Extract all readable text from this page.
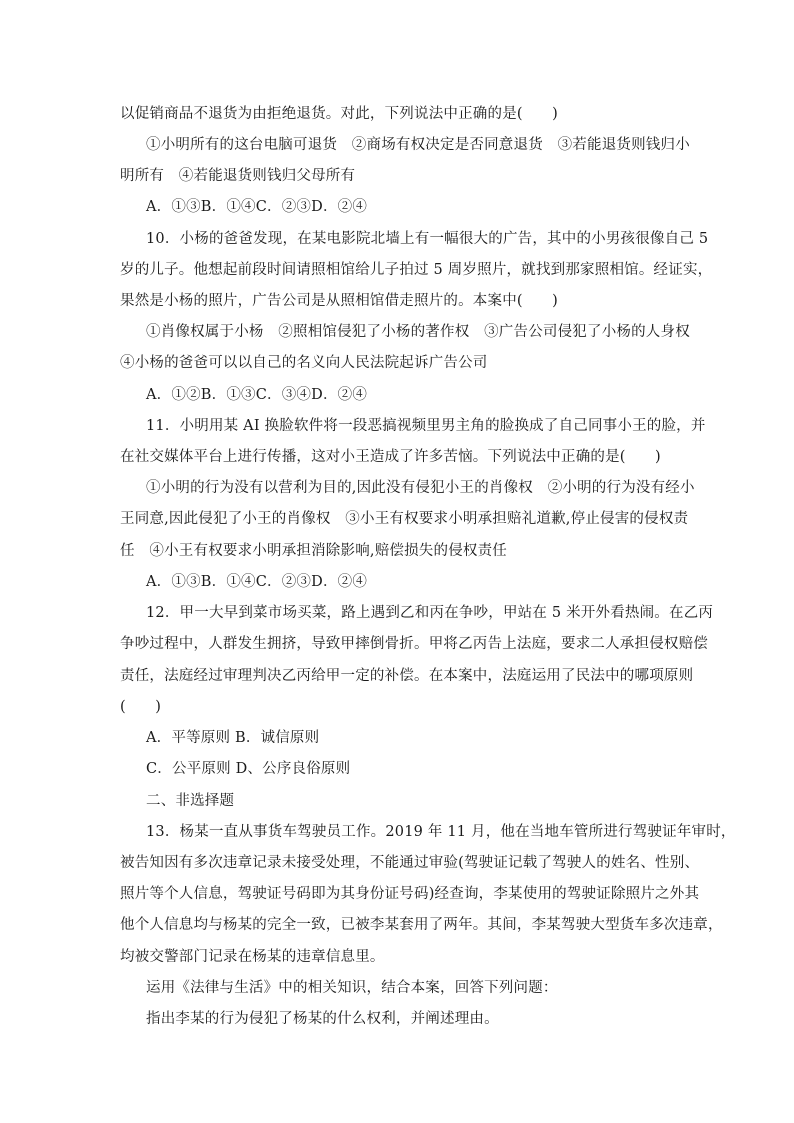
以促销商品不退货为由拒绝退货。对此，下列说法中正确的是(　　)
①小明所有的这台电脑可退货　②商场有权决定是否同意退货　③若能退货则钱归小
明所有　④若能退货则钱归父母所有
A．①③B．①④C．②③D．②④
10．小杨的爸爸发现，在某电影院北墙上有一幅很大的广告，其中的小男孩很像自己 5
岁的儿子。他想起前段时间请照相馆给儿子拍过 5 周岁照片，就找到那家照相馆。经证实，
果然是小杨的照片，广告公司是从照相馆借走照片的。本案中(　　)
①肖像权属于小杨　②照相馆侵犯了小杨的著作权　③广告公司侵犯了小杨的人身权
④小杨的爸爸可以以自己的名义向人民法院起诉广告公司
A．①②B．①③C．③④D．②④
11．小明用某 AI 换脸软件将一段恶搞视频里男主角的脸换成了自己同事小王的脸，并
在社交媒体平台上进行传播，这对小王造成了许多苦恼。下列说法中正确的是(　　)
①小明的行为没有以营利为目的,因此没有侵犯小王的肖像权　②小明的行为没有经小
王同意,因此侵犯了小王的肖像权　③小王有权要求小明承担赔礼道歉,停止侵害的侵权责
任　④小王有权要求小明承担消除影响,赔偿损失的侵权责任
A．①③B．①④C．②③D．②④
12．甲一大早到菜市场买菜，路上遇到乙和丙在争吵，甲站在 5 米开外看热闹。在乙丙
争吵过程中，人群发生拥挤，导致甲摔倒骨折。甲将乙丙告上法庭，要求二人承担侵权赔偿
责任，法庭经过审理判决乙丙给甲一定的补偿。在本案中，法庭运用了民法中的哪项原则
(　　)
A．平等原则 B．诚信原则
C．公平原则 D、公序良俗原则
二、非选择题
13．杨某一直从事货车驾驶员工作。2019 年 11 月，他在当地车管所进行驾驶证年审时，
被告知因有多次违章记录未接受处理，不能通过审验(驾驶证记载了驾驶人的姓名、性别、
照片等个人信息，驾驶证号码即为其身份证号码)经查询，李某使用的驾驶证除照片之外其
他个人信息均与杨某的完全一致，已被李某套用了两年。其间，李某驾驶大型货车多次违章，
均被交警部门记录在杨某的违章信息里。
运用《法律与生活》中的相关知识，结合本案，回答下列问题：
指出李某的行为侵犯了杨某的什么权利，并阐述理由。
